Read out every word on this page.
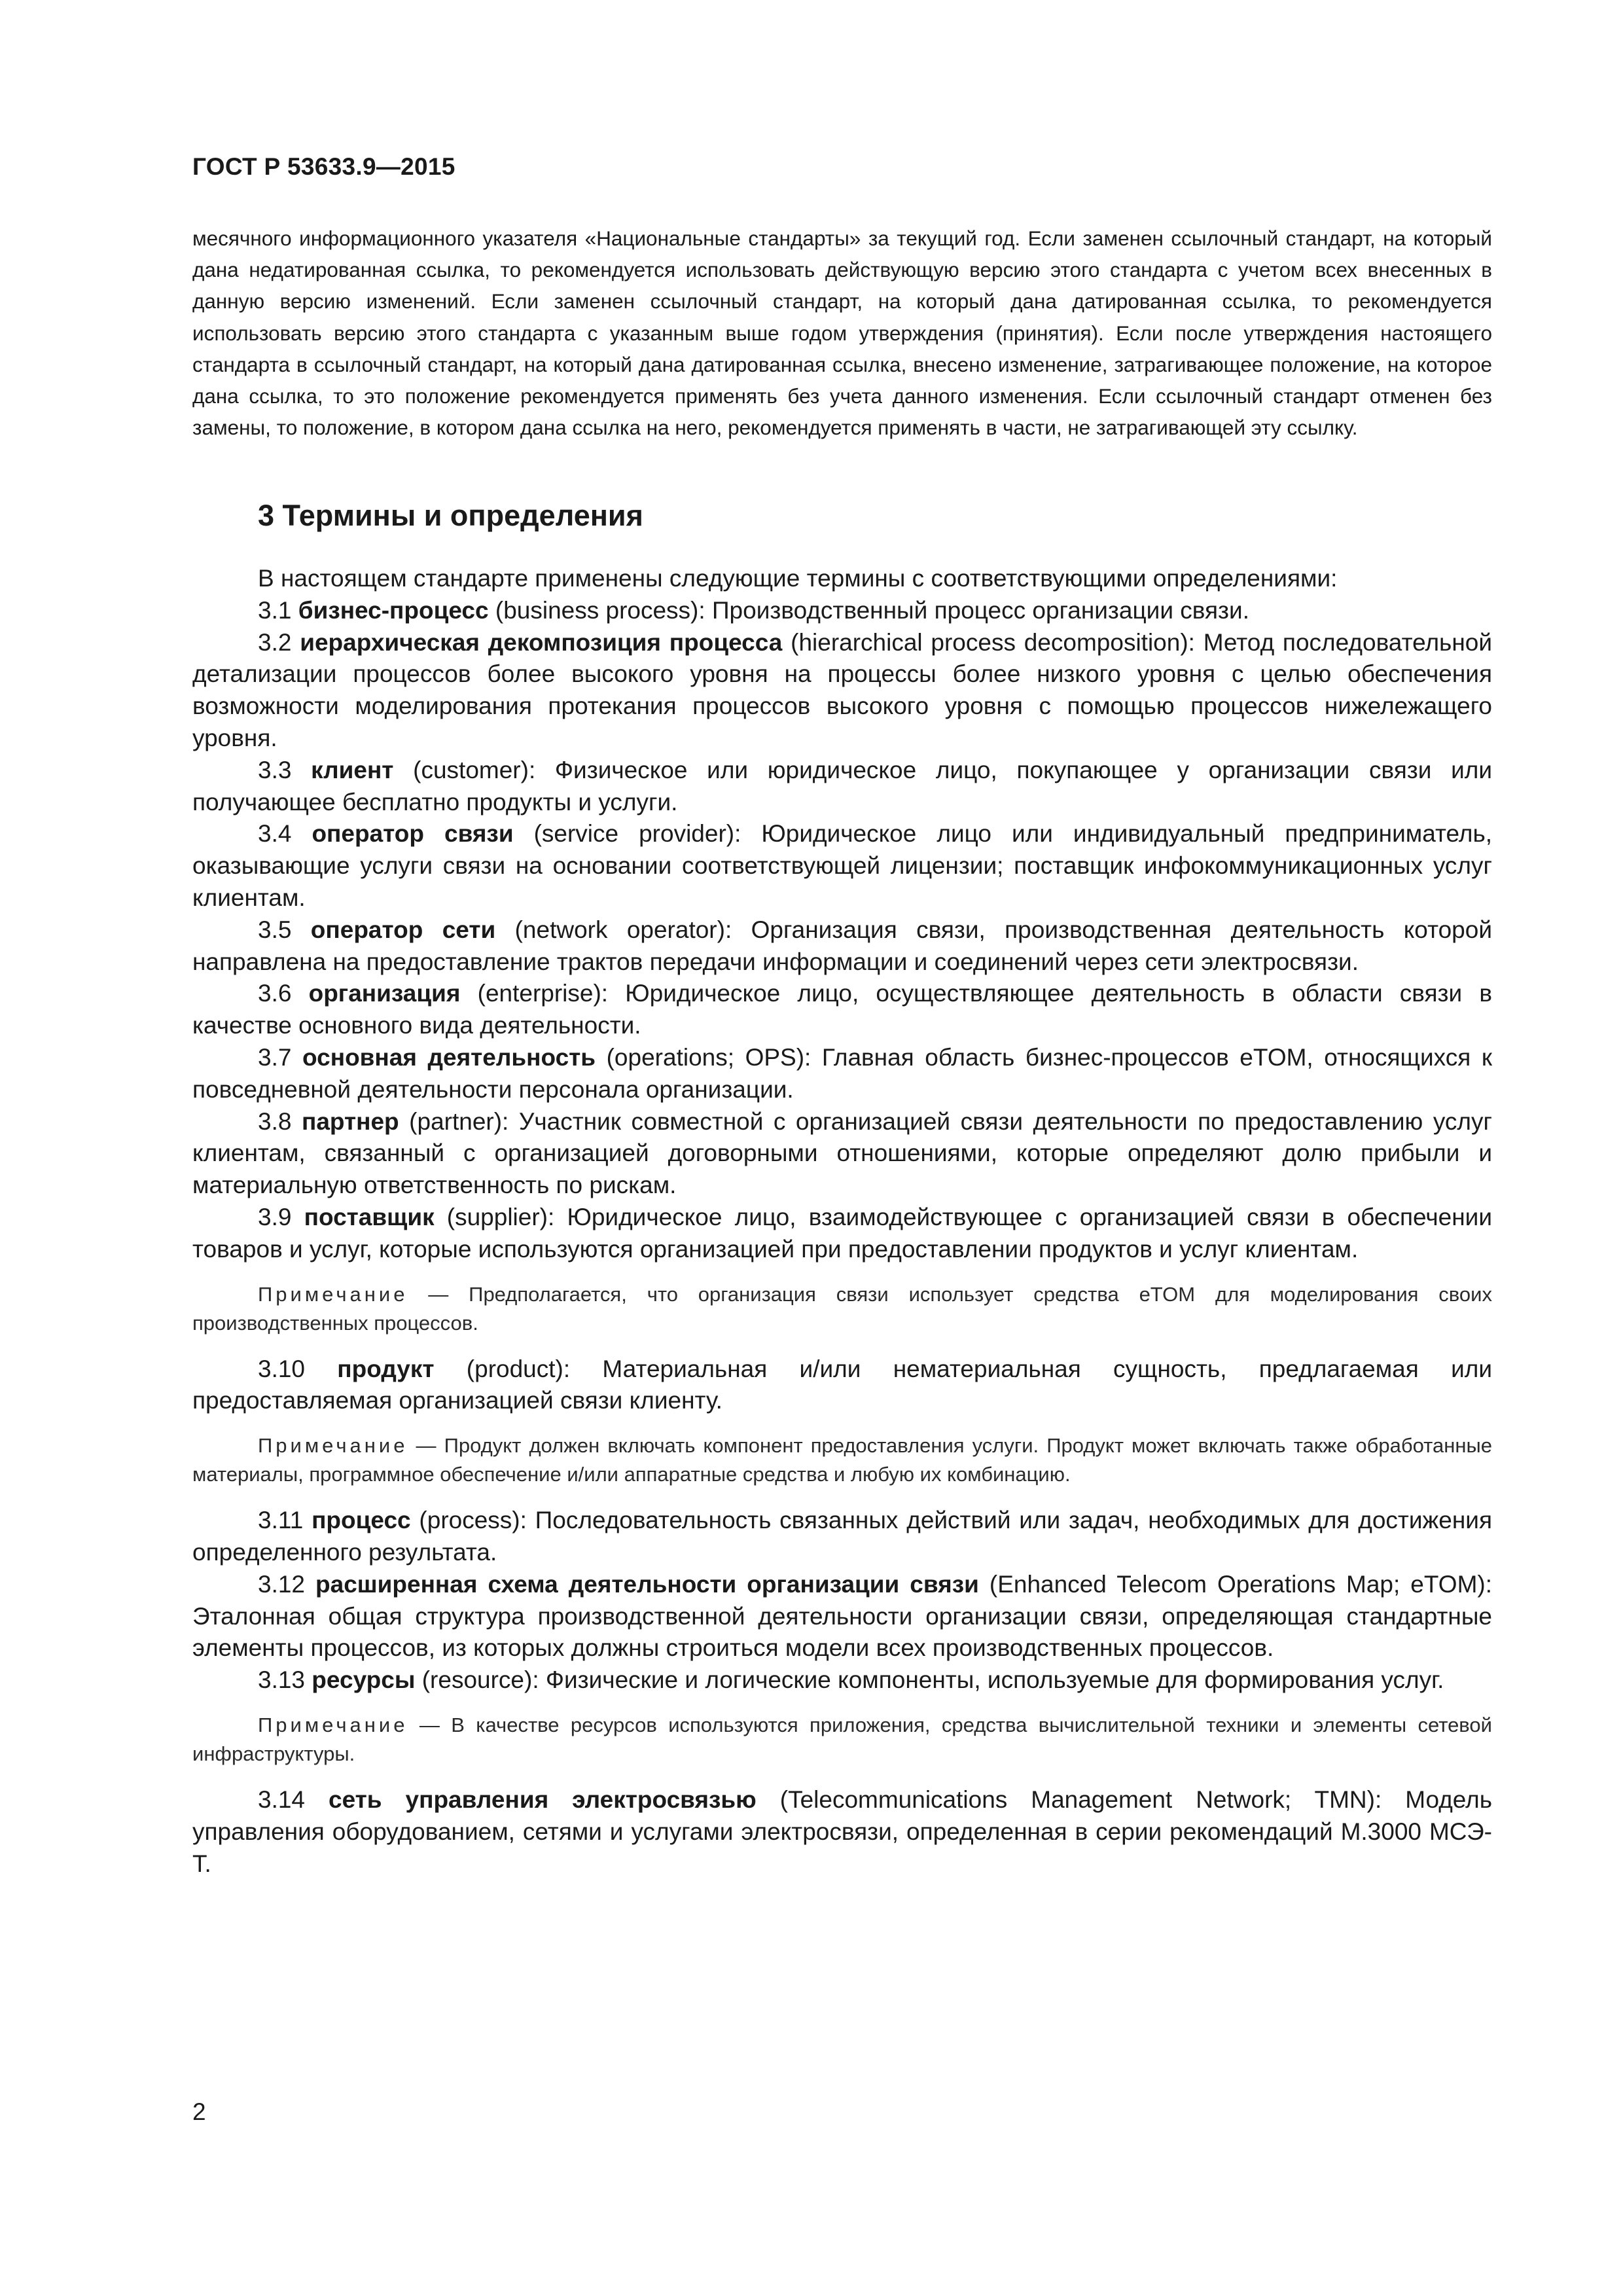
ГОСТ Р 53633.9—2015
месячного информационного указателя «Национальные стандарты» за текущий год. Если заменен ссылочный стандарт, на который дана недатированная ссылка, то рекомендуется использовать действующую версию этого стандарта с учетом всех внесенных в данную версию изменений. Если заменен ссылочный стандарт, на который дана датированная ссылка, то рекомендуется использовать версию этого стандарта с указанным выше годом утверждения (принятия). Если после утверждения настоящего стандарта в ссылочный стандарт, на который дана датированная ссылка, внесено изменение, затрагивающее положение, на которое дана ссылка, то это положение рекомендуется применять без учета данного изменения. Если ссылочный стандарт отменен без замены, то положение, в котором дана ссылка на него, рекомендуется применять в части, не затрагивающей эту ссылку.
3 Термины и определения

В настоящем стандарте применены следующие термины с соответствующими определениями:

3.1 бизнес-процесс (business process): Производственный процесс организации связи.

3.2 иерархическая декомпозиция процесса (hierarchical process decomposition): Метод последовательной детализации процессов более высокого уровня на процессы более низкого уровня с целью обеспечения возможности моделирования протекания процессов высокого уровня с помощью процессов нижележащего уровня.

3.3 клиент (customer): Физическое или юридическое лицо, покупающее у организации связи или получающее бесплатно продукты и услуги.

3.4 оператор связи (service provider): Юридическое лицо или индивидуальный предприниматель, оказывающие услуги связи на основании соответствующей лицензии; поставщик инфокоммуникационных услуг клиентам.

3.5 оператор сети (network operator): Организация связи, производственная деятельность которой направлена на предоставление трактов передачи информации и соединений через сети электросвязи.

3.6 организация (enterprise): Юридическое лицо, осуществляющее деятельность в области связи в качестве основного вида деятельности.

3.7 основная деятельность (operations; OPS): Главная область бизнес-процессов eTOM, относящихся к повседневной деятельности персонала организации.

3.8 партнер (partner): Участник совместной с организацией связи деятельности по предоставлению услуг клиентам, связанный с организацией договорными отношениями, которые определяют долю прибыли и материальную ответственность по рискам.

3.9 поставщик (supplier): Юридическое лицо, взаимодействующее с организацией связи в обеспечении товаров и услуг, которые используются организацией при предоставлении продуктов и услуг клиентам.

Примечание — Предполагается, что организация связи использует средства eTOM для моделирования своих производственных процессов.

3.10 продукт (product): Материальная и/или нематериальная сущность, предлагаемая или предоставляемая организацией связи клиенту.

Примечание — Продукт должен включать компонент предоставления услуги. Продукт может включать также обработанные материалы, программное обеспечение и/или аппаратные средства и любую их комбинацию.

3.11 процесс (process): Последовательность связанных действий или задач, необходимых для достижения определенного результата.

3.12 расширенная схема деятельности организации связи (Enhanced Telecom Operations Map; eTOM): Эталонная общая структура производственной деятельности организации связи, определяющая стандартные элементы процессов, из которых должны строиться модели всех производственных процессов.

3.13 ресурсы (resource): Физические и логические компоненты, используемые для формирования услуг.

Примечание — В качестве ресурсов используются приложения, средства вычислительной техники и элементы сетевой инфраструктуры.

3.14 сеть управления электросвязью (Telecommunications Management Network; TMN): Модель управления оборудованием, сетями и услугами электросвязи, определенная в серии рекомендаций М.3000 МСЭ-Т.

2
